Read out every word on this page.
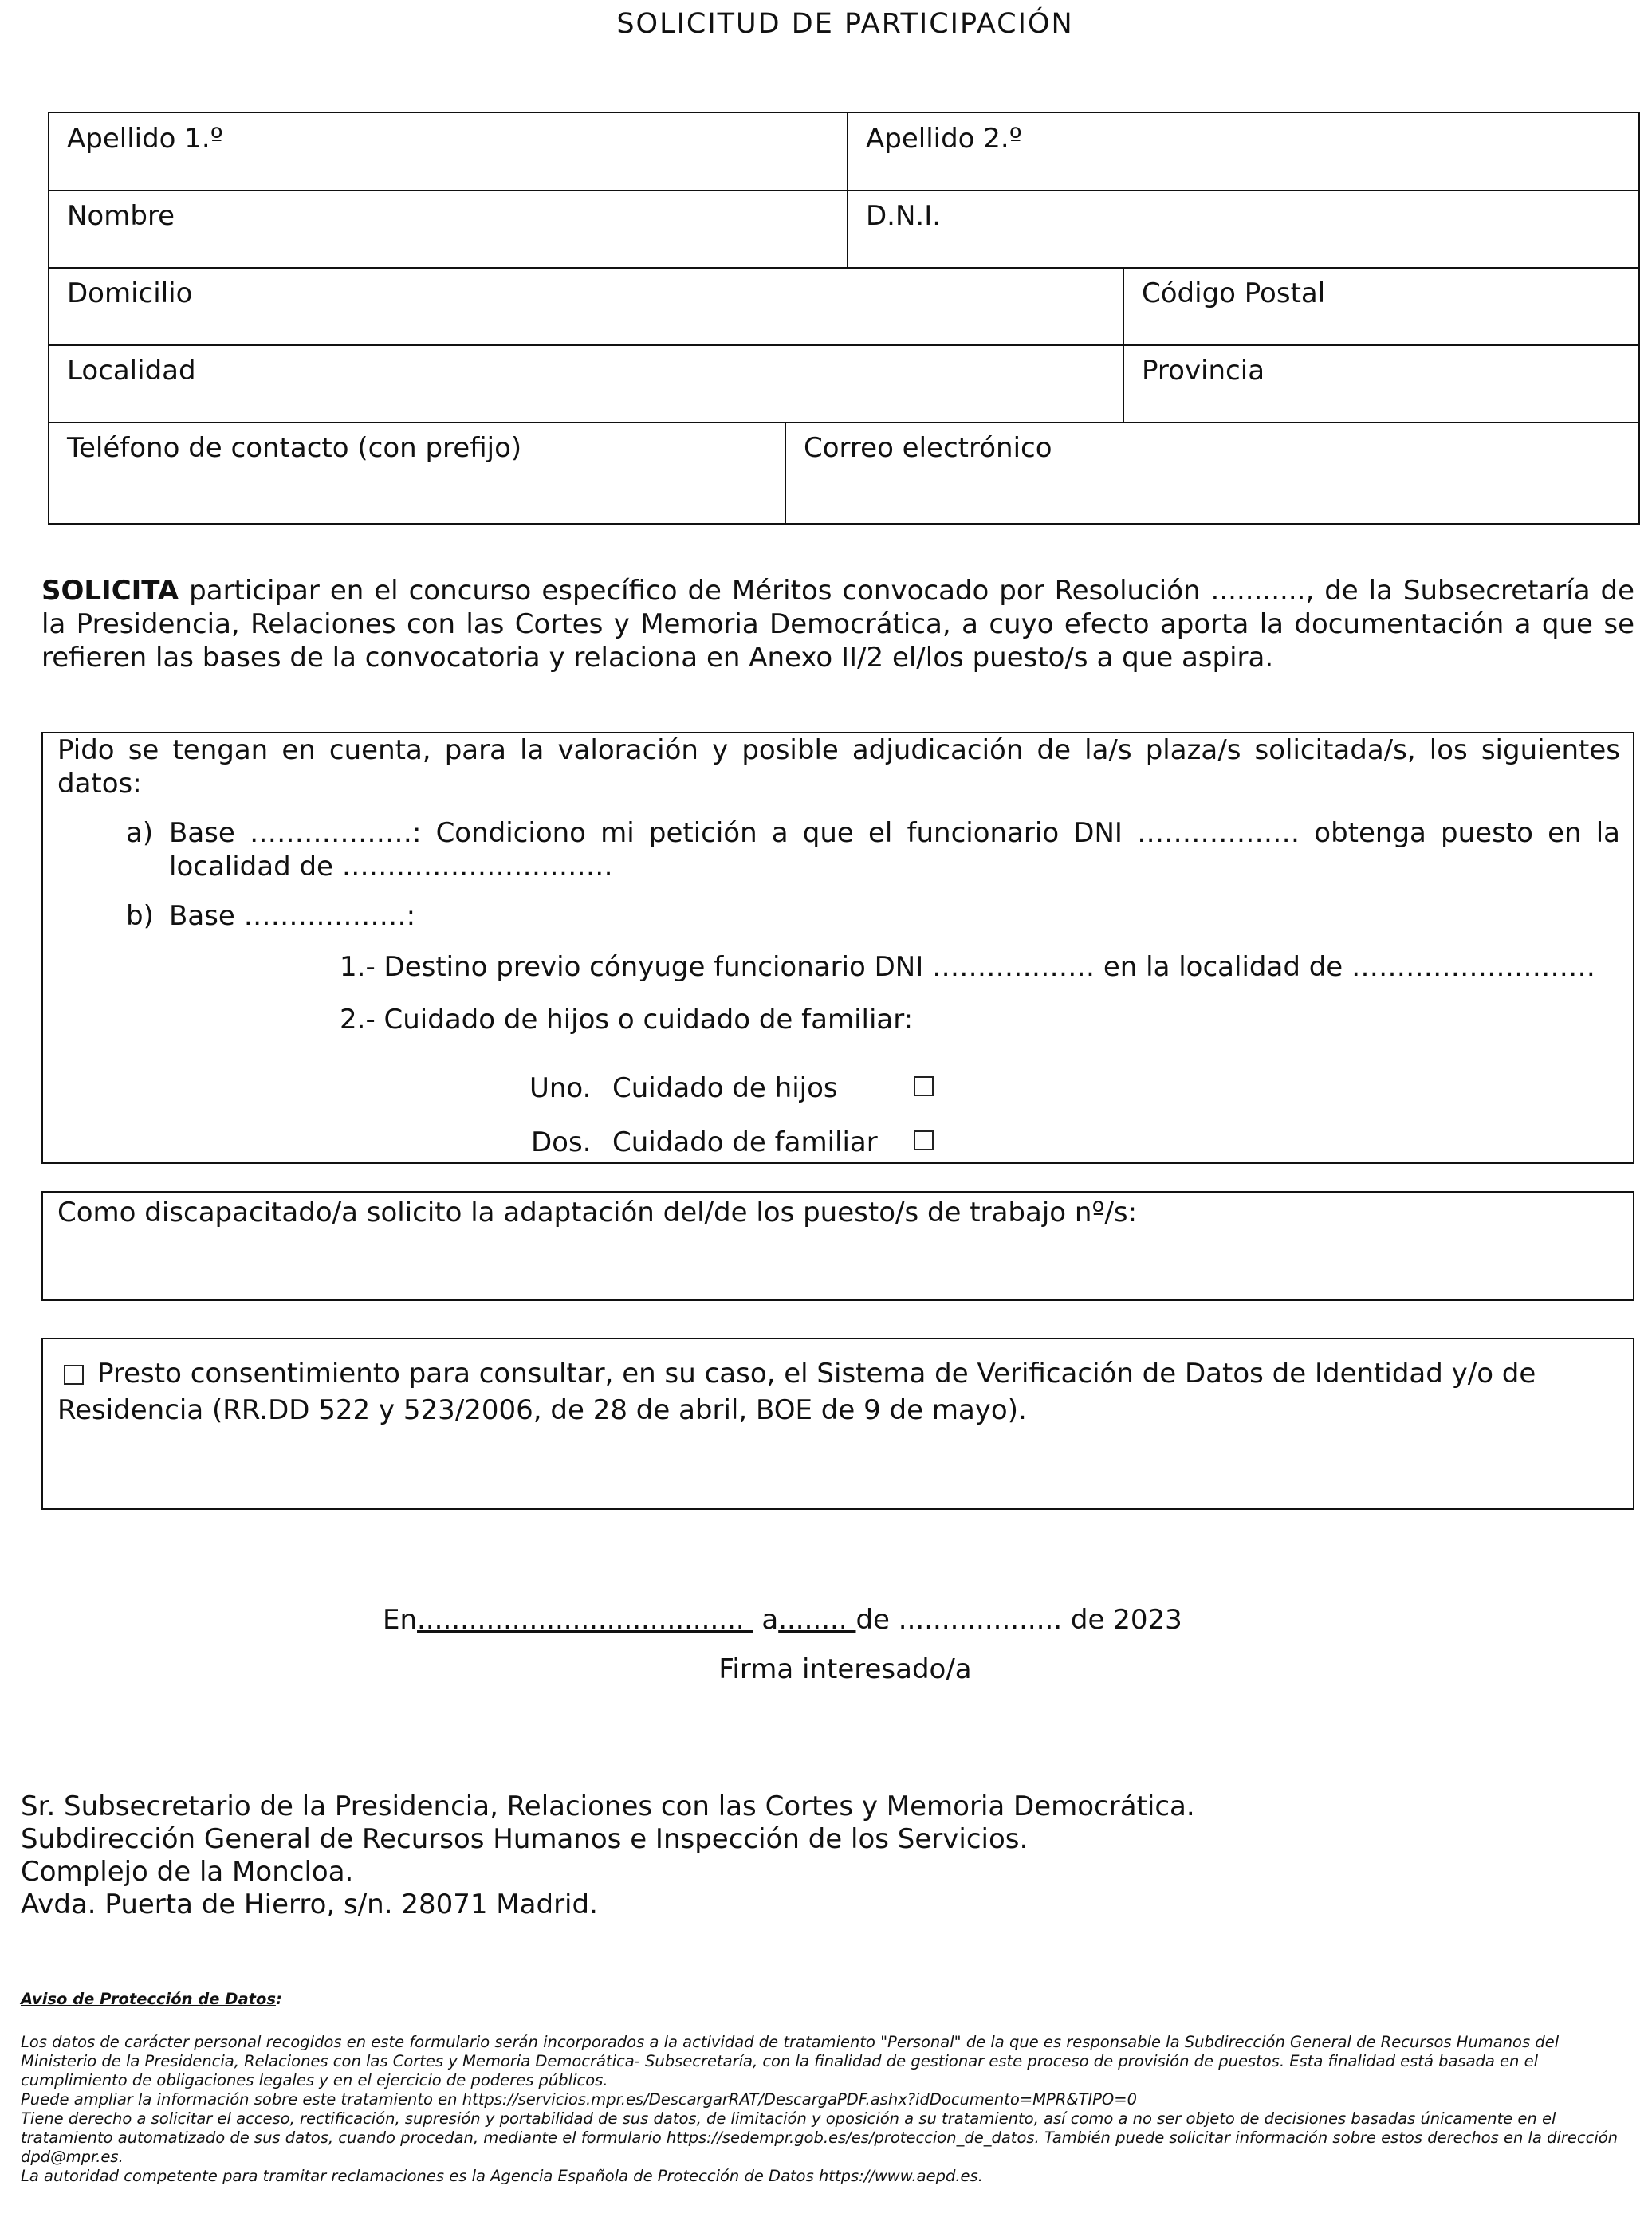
SOLICITUD DE PARTICIPACIÓN
Apellido 1.º	Apellido 2.º
Nombre	D.N.I.
Domicilio	Código Postal
Localidad	Provincia
Teléfono de contacto (con prefijo)	Correo electrónico
SOLICITA participar en el concurso específico de Méritos convocado por Resolución ..........., de la Subsecretaría de la Presidencia, Relaciones con las Cortes y Memoria Democrática, a cuyo efecto aporta la documentación a que se refieren las bases de la convocatoria y relaciona en Anexo II/2 el/los puesto/s a que aspira.
Pido se tengan en cuenta, para la valoración y posible adjudicación de la/s plaza/s solicitada/s, los siguientes datos:
a) Base ………………: Condiciono mi petición a que el funcionario DNI ……………… obtenga puesto en la
localidad de …………………………
b) Base ………………:
1.- Destino previo cónyuge funcionario DNI ……………… en la localidad de ………………………
2.- Cuidado de hijos o cuidado de familiar:
Uno. Cuidado de hijos
Dos. Cuidado de familiar
Como discapacitado/a solicito la adaptación del/de los puesto/s de trabajo nº/s:
Presto consentimiento para consultar, en su caso, el Sistema de Verificación de Datos de Identidad y/o de Residencia (RR.DD 522 y 523/2006, de 28 de abril, BOE de 9 de mayo).
En......................................  a........ de ................... de 2023
Firma interesado/a
Sr. Subsecretario de la Presidencia, Relaciones con las Cortes y Memoria Democrática.
Subdirección General de Recursos Humanos e Inspección de los Servicios.
Complejo de la Moncloa.
Avda. Puerta de Hierro, s/n. 28071 Madrid.
Aviso de Protección de Datos:
Los datos de carácter personal recogidos en este formulario serán incorporados a la actividad de tratamiento "Personal" de la que es responsable la Subdirección General de Recursos Humanos del Ministerio de la Presidencia, Relaciones con las Cortes y Memoria Democrática- Subsecretaría, con la finalidad de gestionar este proceso de provisión de puestos. Esta finalidad está basada en el cumplimiento de obligaciones legales y en el ejercicio de poderes públicos.
Puede ampliar la información sobre este tratamiento en https://servicios.mpr.es/DescargarRAT/DescargaPDF.ashx?idDocumento=MPR&TIPO=0
Tiene derecho a solicitar el acceso, rectificación, supresión y portabilidad de sus datos, de limitación y oposición a su tratamiento, así como a no ser objeto de decisiones basadas únicamente en el tratamiento automatizado de sus datos, cuando procedan, mediante el formulario https://sedempr.gob.es/es/proteccion_de_datos. También puede solicitar información sobre estos derechos en la dirección dpd@mpr.es.
La autoridad competente para tramitar reclamaciones es la Agencia Española de Protección de Datos https://www.aepd.es.
